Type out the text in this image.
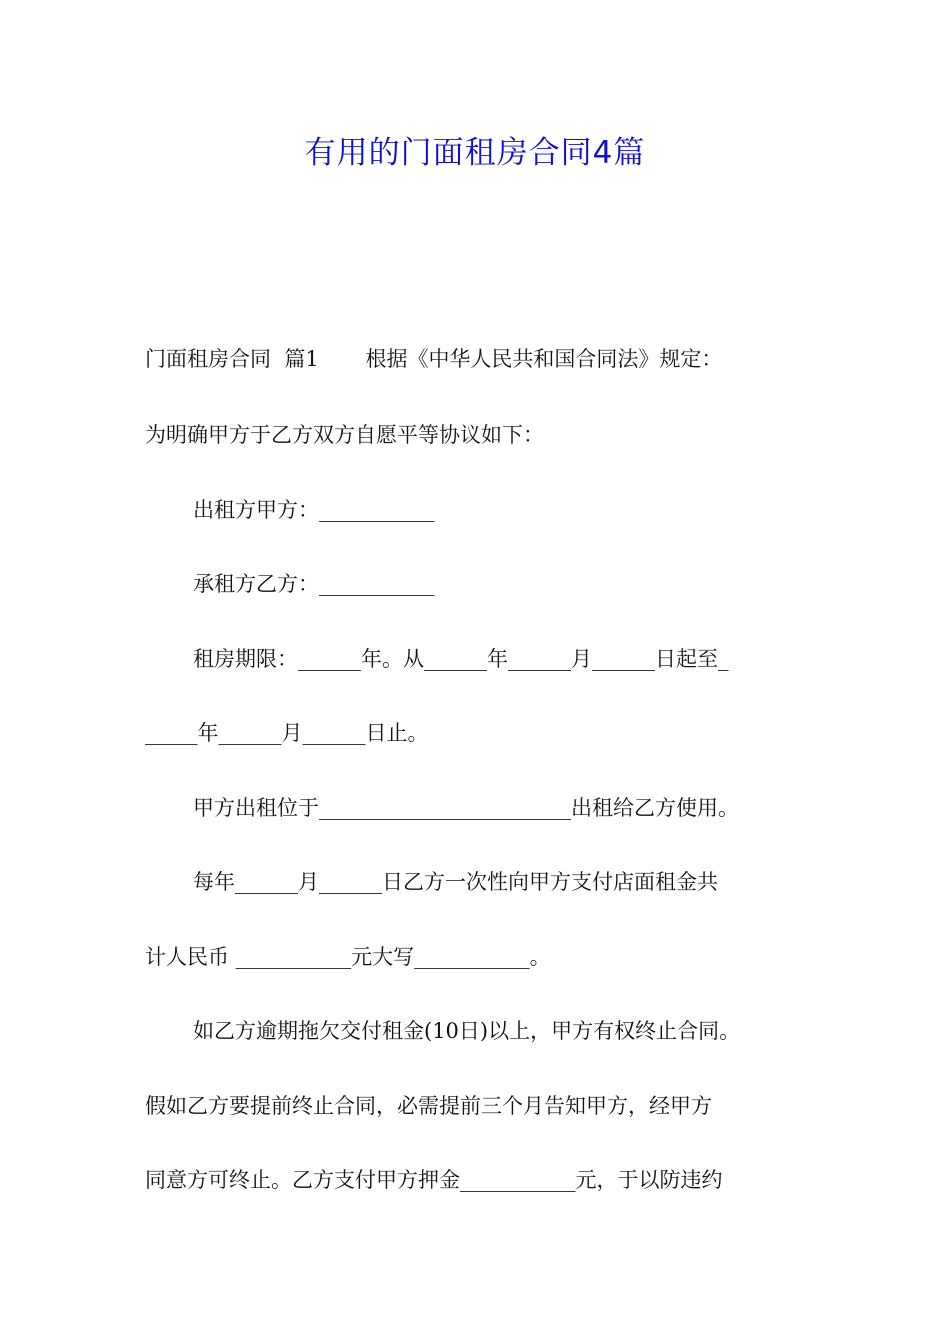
有用的门面租房合同4篇

门面租房合同  篇1       根据《中华人民共和国合同法》规定：

为明确甲方于乙方双方自愿平等协议如下：

出租方甲方：___________

承租方乙方：___________

租房期限：______年。从______年______月______日起至_

_____年______月______日止。

甲方出租位于________________________出租给乙方使用。

每年______月______日乙方一次性向甲方支付店面租金共

计人民币 ___________元大写___________。

如乙方逾期拖欠交付租金(10日)以上，甲方有权终止合同。

假如乙方要提前终止合同，必需提前三个月告知甲方，经甲方

同意方可终止。乙方支付甲方押金___________元，于以防违约
